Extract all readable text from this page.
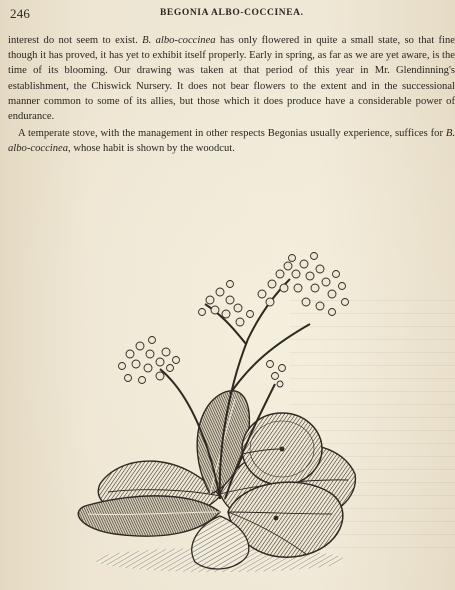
246	BEGONIA ALBO-COCCINEA.

interest do not seem to exist. B. albo-coccinea has only flowered in quite a small state, so that fine though it has proved, it has yet to exhibit itself properly. Early in spring, as far as we are yet aware, is the time of its blooming. Our drawing was taken at that period of this year in Mr. Glendinning's establishment, the Chiswick Nursery. It does not bear flowers to the extent and in the successional manner common to some of its allies, but those which it does produce have a considerable power of endurance.

A temperate stove, with the management in other respects Begonias usually experience, suffices for B. albo-coccinea, whose habit is shown by the woodcut.
